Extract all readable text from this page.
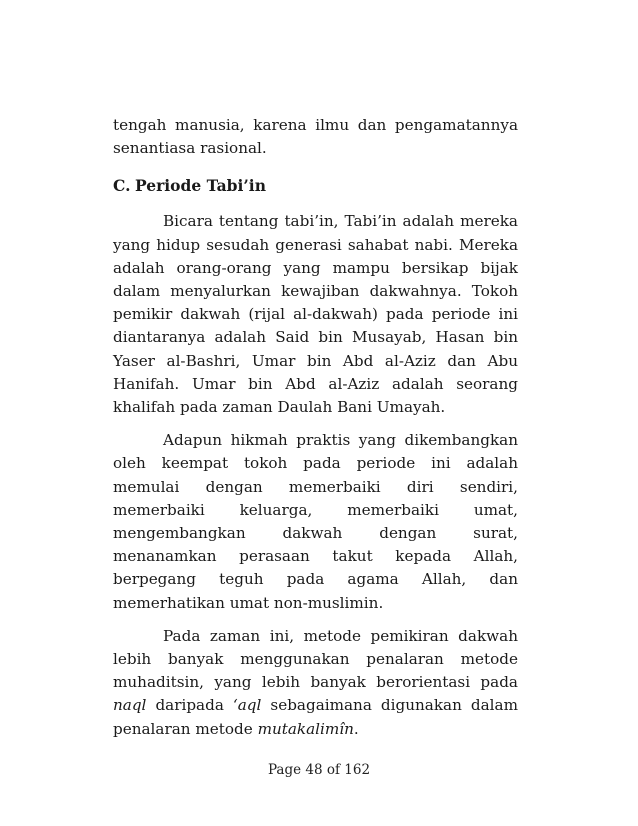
tengah manusia, karena ilmu dan pengamatannya senantiasa rasional.

C. Periode Tabi’in

Bicara tentang tabi’in, Tabi’in adalah mereka yang hidup sesudah generasi sahabat nabi. Mereka adalah orang-orang yang mampu bersikap bijak dalam menyalurkan kewajiban dakwahnya. Tokoh pemikir dakwah (rijal al-dakwah) pada periode ini diantaranya adalah Said bin Musayab, Hasan bin Yaser al-Bashri, Umar bin Abd al-Aziz dan Abu Hanifah. Umar bin Abd al-Aziz adalah seorang khalifah pada zaman Daulah Bani Umayah.

Adapun hikmah praktis yang dikembangkan oleh keempat tokoh pada periode ini adalah memulai dengan memerbaiki diri sendiri, memerbaiki keluarga, memerbaiki umat, mengembangkan dakwah dengan surat, menanamkan perasaan takut kepada Allah, berpegang teguh pada agama Allah, dan memerhatikan umat non-muslimin.

Pada zaman ini, metode pemikiran dakwah lebih banyak menggunakan penalaran metode muhaditsin, yang lebih banyak berorientasi pada naql daripada ‘aql sebagaimana digunakan dalam penalaran metode mutakalimîn.

Page 48 of 162
